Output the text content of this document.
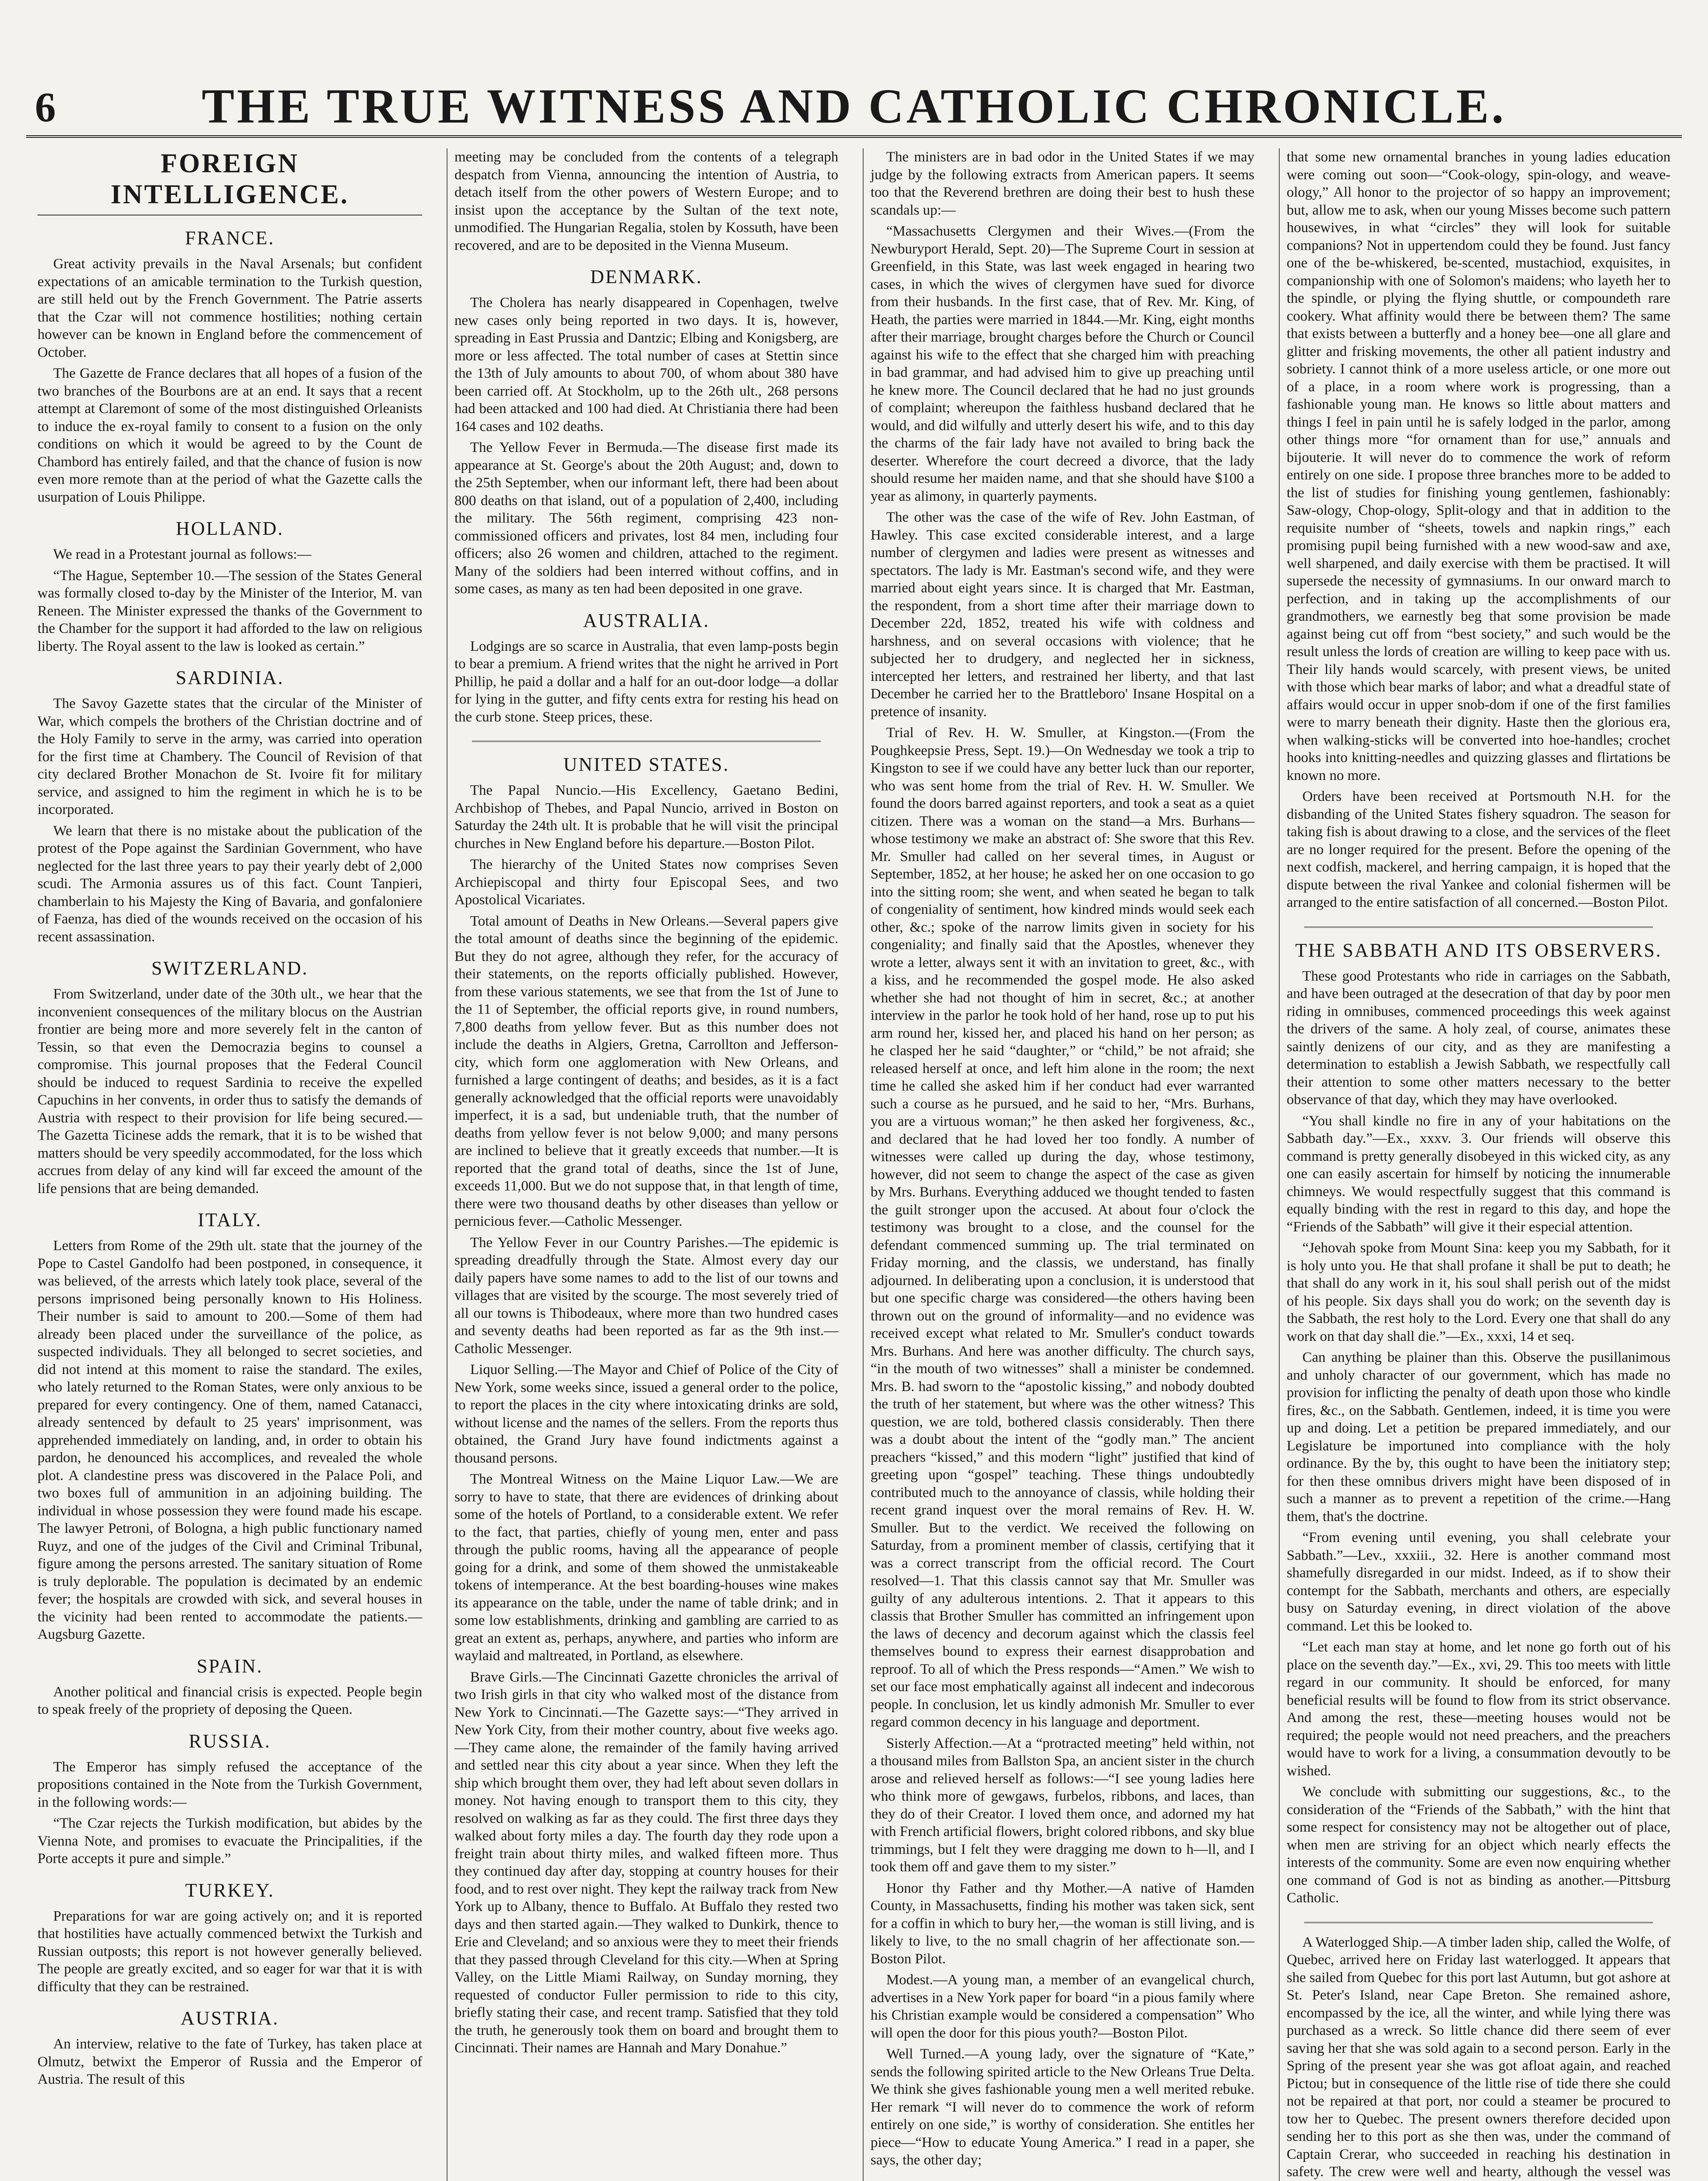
6	THE TRUE WITNESS AND CATHOLIC CHRONICLE.
FOREIGN INTELLIGENCE.
FRANCE.

Great activity prevails in the Naval Arsenals; but confident expectations of an amicable termination to the Turkish question, are still held out by the French Government. The Patrie asserts that the Czar will not commence hostilities; nothing certain however can be known in England before the commencement of October.

The Gazette de France declares that all hopes of a fusion of the two branches of the Bourbons are at an end. It says that a recent attempt at Claremont of some of the most distinguished Orleanists to induce the ex-royal family to consent to a fusion on the only conditions on which it would be agreed to by the Count de Chambord has entirely failed, and that the chance of fusion is now even more remote than at the period of what the Gazette calls the usurpation of Louis Philippe.

HOLLAND.

We read in a Protestant journal as follows:—

“The Hague, September 10.—The session of the States General was formally closed to-day by the Minister of the Interior, M. van Reneen. The Minister expressed the thanks of the Government to the Chamber for the support it had afforded to the law on religious liberty. The Royal assent to the law is looked as certain.”

SARDINIA.

The Savoy Gazette states that the circular of the Minister of War, which compels the brothers of the Christian doctrine and of the Holy Family to serve in the army, was carried into operation for the first time at Chambery. The Council of Revision of that city declared Brother Monachon de St. Ivoire fit for military service, and assigned to him the regiment in which he is to be incorporated.

We learn that there is no mistake about the publication of the protest of the Pope against the Sardinian Government, who have neglected for the last three years to pay their yearly debt of 2,000 scudi. The Armonia assures us of this fact. Count Tanpieri, chamberlain to his Majesty the King of Bavaria, and gonfaloniere of Faenza, has died of the wounds received on the occasion of his recent assassination.

SWITZERLAND.

From Switzerland, under date of the 30th ult., we hear that the inconvenient consequences of the military blocus on the Austrian frontier are being more and more severely felt in the canton of Tessin, so that even the Democrazia begins to counsel a compromise. This journal proposes that the Federal Council should be induced to request Sardinia to receive the expelled Capuchins in her convents, in order thus to satisfy the demands of Austria with respect to their provision for life being secured.—The Gazetta Ticinese adds the remark, that it is to be wished that matters should be very speedily accommodated, for the loss which accrues from delay of any kind will far exceed the amount of the life pensions that are being demanded.

ITALY.

Letters from Rome of the 29th ult. state that the journey of the Pope to Castel Gandolfo had been postponed, in consequence, it was believed, of the arrests which lately took place, several of the persons imprisoned being personally known to His Holiness. Their number is said to amount to 200.—Some of them had already been placed under the surveillance of the police, as suspected individuals. They all belonged to secret societies, and did not intend at this moment to raise the standard. The exiles, who lately returned to the Roman States, were only anxious to be prepared for every contingency. One of them, named Catanacci, already sentenced by default to 25 years' imprisonment, was apprehended immediately on landing, and, in order to obtain his pardon, he denounced his accomplices, and revealed the whole plot. A clandestine press was discovered in the Palace Poli, and two boxes full of ammunition in an adjoining building. The individual in whose possession they were found made his escape. The lawyer Petroni, of Bologna, a high public functionary named Ruyz, and one of the judges of the Civil and Criminal Tribunal, figure among the persons arrested. The sanitary situation of Rome is truly deplorable. The population is decimated by an endemic fever; the hospitals are crowded with sick, and several houses in the vicinity had been rented to accommodate the patients.—Augsburg Gazette.

SPAIN.

Another political and financial crisis is expected. People begin to speak freely of the propriety of deposing the Queen.

RUSSIA.

The Emperor has simply refused the acceptance of the propositions contained in the Note from the Turkish Government, in the following words:—

“The Czar rejects the Turkish modification, but abides by the Vienna Note, and promises to evacuate the Principalities, if the Porte accepts it pure and simple.”

TURKEY.

Preparations for war are going actively on; and it is reported that hostilities have actually commenced betwixt the Turkish and Russian outposts; this report is not however generally believed. The people are greatly excited, and so eager for war that it is with difficulty that they can be restrained.

AUSTRIA.

An interview, relative to the fate of Turkey, has taken place at Olmutz, betwixt the Emperor of Russia and the Emperor of Austria. The result of this

meeting may be concluded from the contents of a telegraph despatch from Vienna, announcing the intention of Austria, to detach itself from the other powers of Western Europe; and to insist upon the acceptance by the Sultan of the text note, unmodified. The Hungarian Regalia, stolen by Kossuth, have been recovered, and are to be deposited in the Vienna Museum.

DENMARK.

The Cholera has nearly disappeared in Copenhagen, twelve new cases only being reported in two days. It is, however, spreading in East Prussia and Dantzic; Elbing and Konigsberg, are more or less affected. The total number of cases at Stettin since the 13th of July amounts to about 700, of whom about 380 have been carried off. At Stockholm, up to the 26th ult., 268 persons had been attacked and 100 had died. At Christiania there had been 164 cases and 102 deaths.

The Yellow Fever in Bermuda.—The disease first made its appearance at St. George's about the 20th August; and, down to the 25th September, when our informant left, there had been about 800 deaths on that island, out of a population of 2,400, including the military. The 56th regiment, comprising 423 non-commissioned officers and privates, lost 84 men, including four officers; also 26 women and children, attached to the regiment. Many of the soldiers had been interred without coffins, and in some cases, as many as ten had been deposited in one grave.

AUSTRALIA.

Lodgings are so scarce in Australia, that even lamp-posts begin to bear a premium. A friend writes that the night he arrived in Port Phillip, he paid a dollar and a half for an out-door lodge—a dollar for lying in the gutter, and fifty cents extra for resting his head on the curb stone. Steep prices, these.

UNITED STATES.

The Papal Nuncio.—His Excellency, Gaetano Bedini, Archbishop of Thebes, and Papal Nuncio, arrived in Boston on Saturday the 24th ult. It is probable that he will visit the principal churches in New England before his departure.—Boston Pilot.

The hierarchy of the United States now comprises Seven Archiepiscopal and thirty four Episcopal Sees, and two Apostolical Vicariates.

Total amount of Deaths in New Orleans.—Several papers give the total amount of deaths since the beginning of the epidemic. But they do not agree, although they refer, for the accuracy of their statements, on the reports officially published. However, from these various statements, we see that from the 1st of June to the 11 of September, the official reports give, in round numbers, 7,800 deaths from yellow fever. But as this number does not include the deaths in Algiers, Gretna, Carrollton and Jefferson-city, which form one agglomeration with New Orleans, and furnished a large contingent of deaths; and besides, as it is a fact generally acknowledged that the official reports were unavoidably imperfect, it is a sad, but undeniable truth, that the number of deaths from yellow fever is not below 9,000; and many persons are inclined to believe that it greatly exceeds that number.—It is reported that the grand total of deaths, since the 1st of June, exceeds 11,000. But we do not suppose that, in that length of time, there were two thousand deaths by other diseases than yellow or pernicious fever.—Catholic Messenger.

The Yellow Fever in our Country Parishes.—The epidemic is spreading dreadfully through the State. Almost every day our daily papers have some names to add to the list of our towns and villages that are visited by the scourge. The most severely tried of all our towns is Thibodeaux, where more than two hundred cases and seventy deaths had been reported as far as the 9th inst.—Catholic Messenger.

Liquor Selling.—The Mayor and Chief of Police of the City of New York, some weeks since, issued a general order to the police, to report the places in the city where intoxicating drinks are sold, without license and the names of the sellers. From the reports thus obtained, the Grand Jury have found indictments against a thousand persons.

The Montreal Witness on the Maine Liquor Law.—We are sorry to have to state, that there are evidences of drinking about some of the hotels of Portland, to a considerable extent. We refer to the fact, that parties, chiefly of young men, enter and pass through the public rooms, having all the appearance of people going for a drink, and some of them showed the unmistakeable tokens of intemperance. At the best boarding-houses wine makes its appearance on the table, under the name of table drink; and in some low establishments, drinking and gambling are carried to as great an extent as, perhaps, anywhere, and parties who inform are waylaid and maltreated, in Portland, as elsewhere.

Brave Girls.—The Cincinnati Gazette chronicles the arrival of two Irish girls in that city who walked most of the distance from New York to Cincinnati.—The Gazette says:—“They arrived in New York City, from their mother country, about five weeks ago.—They came alone, the remainder of the family having arrived and settled near this city about a year since. When they left the ship which brought them over, they had left about seven dollars in money. Not having enough to transport them to this city, they resolved on walking as far as they could. The first three days they walked about forty miles a day. The fourth day they rode upon a freight train about thirty miles, and walked fifteen more. Thus they continued day after day, stopping at country houses for their food, and to rest over night. They kept the railway track from New York up to Albany, thence to Buffalo. At Buffalo they rested two days and then started again.—They walked to Dunkirk, thence to Erie and Cleveland; and so anxious were they to meet their friends that they passed through Cleveland for this city.—When at Spring Valley, on the Little Miami Railway, on Sunday morning, they requested of conductor Fuller permission to ride to this city, briefly stating their case, and recent tramp. Satisfied that they told the truth, he generously took them on board and brought them to Cincinnati. Their names are Hannah and Mary Donahue.”

The ministers are in bad odor in the United States if we may judge by the following extracts from American papers. It seems too that the Reverend brethren are doing their best to hush these scandals up:—

“Massachusetts Clergymen and their Wives.—(From the Newburyport Herald, Sept. 20)—The Supreme Court in session at Greenfield, in this State, was last week engaged in hearing two cases, in which the wives of clergymen have sued for divorce from their husbands. In the first case, that of Rev. Mr. King, of Heath, the parties were married in 1844.—Mr. King, eight months after their marriage, brought charges before the Church or Council against his wife to the effect that she charged him with preaching in bad grammar, and had advised him to give up preaching until he knew more. The Council declared that he had no just grounds of complaint; whereupon the faithless husband declared that he would, and did wilfully and utterly desert his wife, and to this day the charms of the fair lady have not availed to bring back the deserter. Wherefore the court decreed a divorce, that the lady should resume her maiden name, and that she should have $100 a year as alimony, in quarterly payments.

The other was the case of the wife of Rev. John Eastman, of Hawley. This case excited considerable interest, and a large number of clergymen and ladies were present as witnesses and spectators. The lady is Mr. Eastman's second wife, and they were married about eight years since. It is charged that Mr. Eastman, the respondent, from a short time after their marriage down to December 22d, 1852, treated his wife with coldness and harshness, and on several occasions with violence; that he subjected her to drudgery, and neglected her in sickness, intercepted her letters, and restrained her liberty, and that last December he carried her to the Brattleboro' Insane Hospital on a pretence of insanity.

Trial of Rev. H. W. Smuller, at Kingston.—(From the Poughkeepsie Press, Sept. 19.)—On Wednesday we took a trip to Kingston to see if we could have any better luck than our reporter, who was sent home from the trial of Rev. H. W. Smuller. We found the doors barred against reporters, and took a seat as a quiet citizen. There was a woman on the stand—a Mrs. Burhans—whose testimony we make an abstract of: She swore that this Rev. Mr. Smuller had called on her several times, in August or September, 1852, at her house; he asked her on one occasion to go into the sitting room; she went, and when seated he began to talk of congeniality of sentiment, how kindred minds would seek each other, &c.; spoke of the narrow limits given in society for his congeniality; and finally said that the Apostles, whenever they wrote a letter, always sent it with an invitation to greet, &c., with a kiss, and he recommended the gospel mode. He also asked whether she had not thought of him in secret, &c.; at another interview in the parlor he took hold of her hand, rose up to put his arm round her, kissed her, and placed his hand on her person; as he clasped her he said “daughter,” or “child,” be not afraid; she released herself at once, and left him alone in the room; the next time he called she asked him if her conduct had ever warranted such a course as he pursued, and he said to her, “Mrs. Burhans, you are a virtuous woman;” he then asked her forgiveness, &c., and declared that he had loved her too fondly. A number of witnesses were called up during the day, whose testimony, however, did not seem to change the aspect of the case as given by Mrs. Burhans. Everything adduced we thought tended to fasten the guilt stronger upon the accused. At about four o'clock the testimony was brought to a close, and the counsel for the defendant commenced summing up. The trial terminated on Friday morning, and the classis, we understand, has finally adjourned. In deliberating upon a conclusion, it is understood that but one specific charge was considered—the others having been thrown out on the ground of informality—and no evidence was received except what related to Mr. Smuller's conduct towards Mrs. Burhans. And here was another difficulty. The church says, “in the mouth of two witnesses” shall a minister be condemned. Mrs. B. had sworn to the “apostolic kissing,” and nobody doubted the truth of her statement, but where was the other witness? This question, we are told, bothered classis considerably. Then there was a doubt about the intent of the “godly man.” The ancient preachers “kissed,” and this modern “light” justified that kind of greeting upon “gospel” teaching. These things undoubtedly contributed much to the annoyance of classis, while holding their recent grand inquest over the moral remains of Rev. H. W. Smuller. But to the verdict. We received the following on Saturday, from a prominent member of classis, certifying that it was a correct transcript from the official record. The Court resolved—1. That this classis cannot say that Mr. Smuller was guilty of any adulterous intentions. 2. That it appears to this classis that Brother Smuller has committed an infringement upon the laws of decency and decorum against which the classis feel themselves bound to express their earnest disapprobation and reproof. To all of which the Press responds—“Amen.” We wish to set our face most emphatically against all indecent and indecorous people. In conclusion, let us kindly admonish Mr. Smuller to ever regard common decency in his language and deportment.

Sisterly Affection.—At a “protracted meeting” held within, not a thousand miles from Ballston Spa, an ancient sister in the church arose and relieved herself as follows:—“I see young ladies here who think more of gewgaws, furbelos, ribbons, and laces, than they do of their Creator. I loved them once, and adorned my hat with French artificial flowers, bright colored ribbons, and sky blue trimmings, but I felt they were dragging me down to h—ll, and I took them off and gave them to my sister.”

Honor thy Father and thy Mother.—A native of Hamden County, in Massachusetts, finding his mother was taken sick, sent for a coffin in which to bury her,—the woman is still living, and is likely to live, to the no small chagrin of her affectionate son.—Boston Pilot.

Modest.—A young man, a member of an evangelical church, advertises in a New York paper for board “in a pious family where his Christian example would be considered a compensation” Who will open the door for this pious youth?—Boston Pilot.

Well Turned.—A young lady, over the signature of “Kate,” sends the following spirited article to the New Orleans True Delta. We think she gives fashionable young men a well merited rebuke. Her remark “I will never do to commence the work of reform entirely on one side,” is worthy of consideration. She entitles her piece—“How to educate Young America.” I read in a paper, she says, the other day;

that some new ornamental branches in young ladies education were coming out soon—“Cook-ology, spin-ology, and weave-ology,” All honor to the projector of so happy an improvement; but, allow me to ask, when our young Misses become such pattern housewives, in what “circles” they will look for suitable companions? Not in uppertendom could they be found. Just fancy one of the be-whiskered, be-scented, mustachiod, exquisites, in companionship with one of Solomon's maidens; who layeth her to the spindle, or plying the flying shuttle, or compoundeth rare cookery. What affinity would there be between them? The same that exists between a butterfly and a honey bee—one all glare and glitter and frisking movements, the other all patient industry and sobriety. I cannot think of a more useless article, or one more out of a place, in a room where work is progressing, than a fashionable young man. He knows so little about matters and things I feel in pain until he is safely lodged in the parlor, among other things more “for ornament than for use,” annuals and bijouterie. It will never do to commence the work of reform entirely on one side. I propose three branches more to be added to the list of studies for finishing young gentlemen, fashionably: Saw-ology, Chop-ology, Split-ology and that in addition to the requisite number of “sheets, towels and napkin rings,” each promising pupil being furnished with a new wood-saw and axe, well sharpened, and daily exercise with them be practised. It will supersede the necessity of gymnasiums. In our onward march to perfection, and in taking up the accomplishments of our grandmothers, we earnestly beg that some provision be made against being cut off from “best society,” and such would be the result unless the lords of creation are willing to keep pace with us. Their lily hands would scarcely, with present views, be united with those which bear marks of labor; and what a dreadful state of affairs would occur in upper snob-dom if one of the first families were to marry beneath their dignity. Haste then the glorious era, when walking-sticks will be converted into hoe-handles; crochet hooks into knitting-needles and quizzing glasses and flirtations be known no more.

Orders have been received at Portsmouth N.H. for the disbanding of the United States fishery squadron. The season for taking fish is about drawing to a close, and the services of the fleet are no longer required for the present. Before the opening of the next codfish, mackerel, and herring campaign, it is hoped that the dispute between the rival Yankee and colonial fishermen will be arranged to the entire satisfaction of all concerned.—Boston Pilot.

THE SABBATH AND ITS OBSERVERS.

These good Protestants who ride in carriages on the Sabbath, and have been outraged at the desecration of that day by poor men riding in omnibuses, commenced proceedings this week against the drivers of the same. A holy zeal, of course, animates these saintly denizens of our city, and as they are manifesting a determination to establish a Jewish Sabbath, we respectfully call their attention to some other matters necessary to the better observance of that day, which they may have overlooked.

“You shall kindle no fire in any of your habitations on the Sabbath day.”—Ex., xxxv. 3. Our friends will observe this command is pretty generally disobeyed in this wicked city, as any one can easily ascertain for himself by noticing the innumerable chimneys. We would respectfully suggest that this command is equally binding with the rest in regard to this day, and hope the “Friends of the Sabbath” will give it their especial attention.

“Jehovah spoke from Mount Sina: keep you my Sabbath, for it is holy unto you. He that shall profane it shall be put to death; he that shall do any work in it, his soul shall perish out of the midst of his people. Six days shall you do work; on the seventh day is the Sabbath, the rest holy to the Lord. Every one that shall do any work on that day shall die.”—Ex., xxxi, 14 et seq.

Can anything be plainer than this. Observe the pusillanimous and unholy character of our government, which has made no provision for inflicting the penalty of death upon those who kindle fires, &c., on the Sabbath. Gentlemen, indeed, it is time you were up and doing. Let a petition be prepared immediately, and our Legislature be importuned into compliance with the holy ordinance. By the by, this ought to have been the initiatory step; for then these omnibus drivers might have been disposed of in such a manner as to prevent a repetition of the crime.—Hang them, that's the doctrine.

“From evening until evening, you shall celebrate your Sabbath.”—Lev., xxxiii., 32. Here is another command most shamefully disregarded in our midst. Indeed, as if to show their contempt for the Sabbath, merchants and others, are especially busy on Saturday evening, in direct violation of the above command. Let this be looked to.

“Let each man stay at home, and let none go forth out of his place on the seventh day.”—Ex., xvi, 29. This too meets with little regard in our community. It should be enforced, for many beneficial results will be found to flow from its strict observance. And among the rest, these—meeting houses would not be required; the people would not need preachers, and the preachers would have to work for a living, a consummation devoutly to be wished.

We conclude with submitting our suggestions, &c., to the consideration of the “Friends of the Sabbath,” with the hint that some respect for consistency may not be altogether out of place, when men are striving for an object which nearly effects the interests of the community. Some are even now enquiring whether one command of God is not as binding as another.—Pittsburg Catholic.

A Waterlogged Ship.—A timber laden ship, called the Wolfe, of Quebec, arrived here on Friday last waterlogged. It appears that she sailed from Quebec for this port last Autumn, but got ashore at St. Peter's Island, near Cape Breton. She remained ashore, encompassed by the ice, all the winter, and while lying there was purchased as a wreck. So little chance did there seem of ever saving her that she was sold again to a second person. Early in the Spring of the present year she was got afloat again, and reached Pictou; but in consequence of the little rise of tide there she could not be repaired at that port, nor could a steamer be procured to tow her to Quebec. The present owners therefore decided upon sending her to this port as she then was, under the command of Captain Crerar, who succeeded in reaching his destination in safety. The crew were well and hearty, although the vessel was
